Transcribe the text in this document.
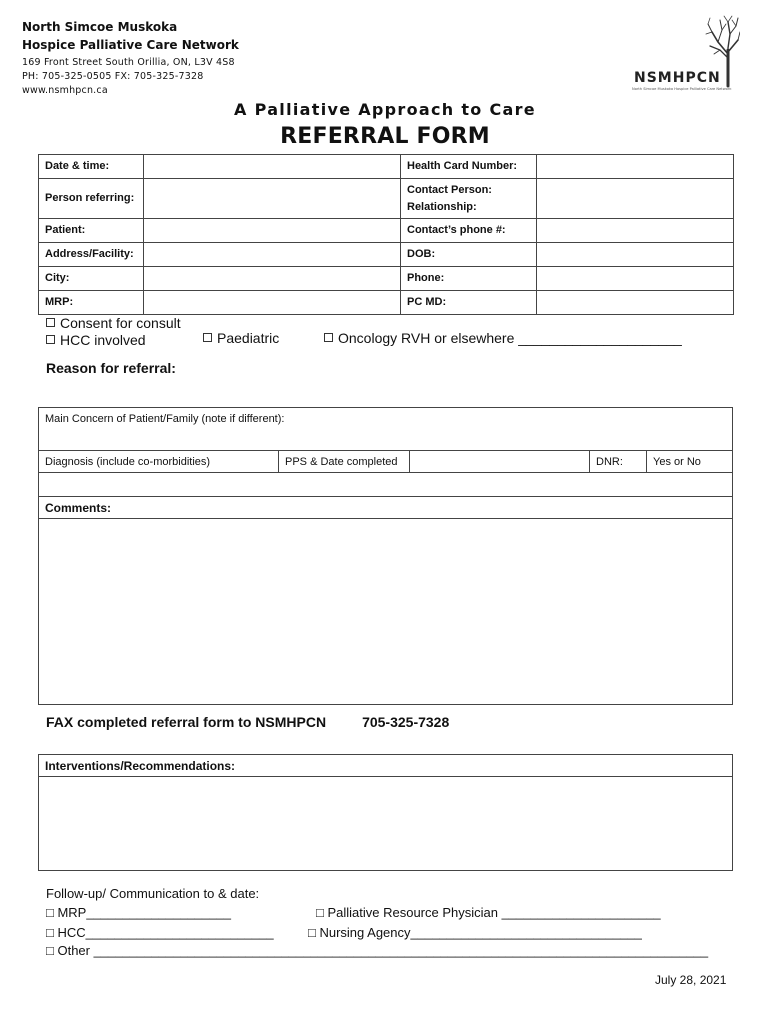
North Simcoe Muskoka
Hospice Palliative Care Network
169 Front Street South Orillia, ON, L3V 4S8
PH: 705-325-0505 FX: 705-325-7328
www.nsmhpcn.ca
NSMHPCN
North Simcoe Muskoka Hospice Palliative Care Network
A Palliative Approach to Care
REFERRAL FORM
Date & time:		Health Card Number:	
Person referring:		Contact Person:
Relationship:	

Patient:		Contact’s phone #:	
Address/Facility:		DOB:	
City:		Phone:	
MRP:		PC MD:	
Consent for consult
HCC involved	Paediatric	Oncology RVH or elsewhere _____________________
Reason for referral:
Main Concern of Patient/Family (note if different):
Diagnosis (include co-morbidities)	PPS & Date completed		DNR:	Yes or No

Comments:

FAX completed referral form to NSMHPCN	705-325-7328
Interventions/Recommendations:

Follow-up/ Communication to & date:
□ MRP____________________	□ Palliative Resource Physician ______________________
□ HCC__________________________	□ Nursing Agency________________________________
□ Other _____________________________________________________________________________________
July 28, 2021
